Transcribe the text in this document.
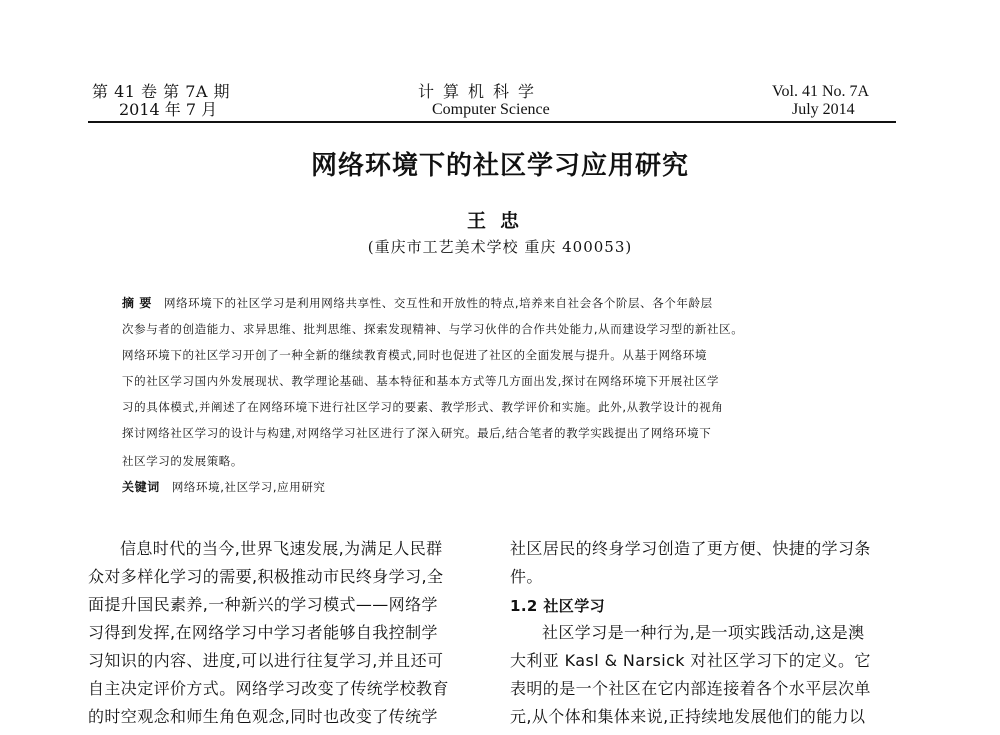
第 41 卷 第 7A 期
2014 年 7 月
计算机科学
Computer Science
Vol. 41 No. 7A
July 2014
网络环境下的社区学习应用研究
王忠
(重庆市工艺美术学校 重庆 400053)
摘 要 网络环境下的社区学习是利用网络共享性、交互性和开放性的特点,培养来自社会各个阶层、各个年龄层
次参与者的创造能力、求异思维、批判思维、探索发现精神、与学习伙伴的合作共处能力,从而建设学习型的新社区。
网络环境下的社区学习开创了一种全新的继续教育模式,同时也促进了社区的全面发展与提升。从基于网络环境
下的社区学习国内外发展现状、教学理论基础、基本特征和基本方式等几方面出发,探讨在网络环境下开展社区学
习的具体模式,并阐述了在网络环境下进行社区学习的要素、教学形式、教学评价和实施。此外,从教学设计的视角
探讨网络社区学习的设计与构建,对网络学习社区进行了深入研究。最后,结合笔者的教学实践提出了网络环境下
社区学习的发展策略。
关键词 网络环境,社区学习,应用研究
信息时代的当今,世界飞速发展,为满足人民群
众对多样化学习的需要,积极推动市民终身学习,全
面提升国民素养,一种新兴的学习模式——网络学
习得到发挥,在网络学习中学习者能够自我控制学
习知识的内容、进度,可以进行往复学习,并且还可
自主决定评价方式。网络学习改变了传统学校教育
的时空观念和师生角色观念,同时也改变了传统学
社区居民的终身学习创造了更方便、快捷的学习条
件。
1.2 社区学习
社区学习是一种行为,是一项实践活动,这是澳
大利亚 Kasl & Narsick 对社区学习下的定义。它
表明的是一个社区在它内部连接着各个水平层次单
元,从个体和集体来说,正持续地发展他们的能力以
